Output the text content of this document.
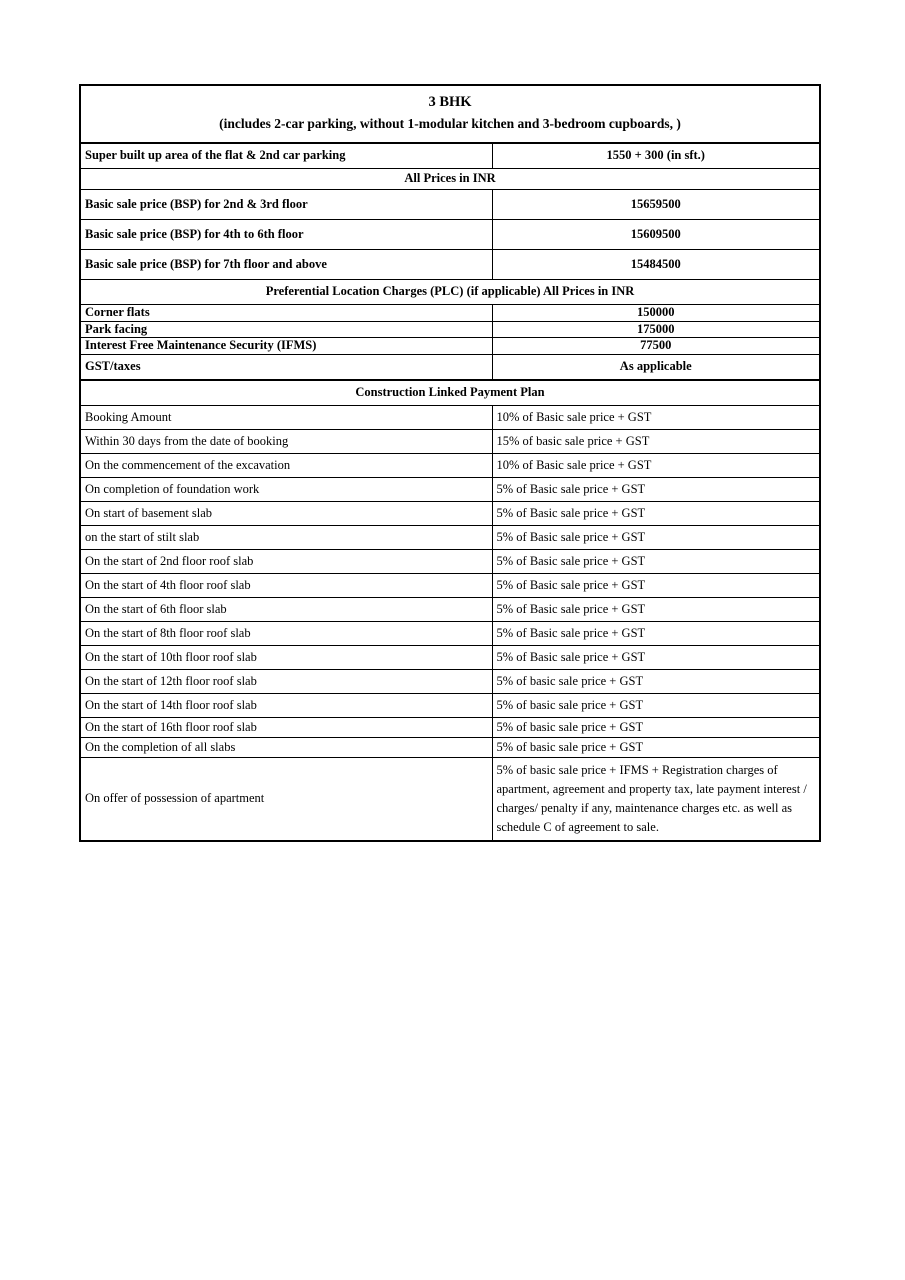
3 BHK
(includes 2-car parking, without 1-modular kitchen and 3-bedroom cupboards, )	

Super built up area of the flat & 2nd car parking	1550 + 300 (in sft.)
All Prices in INR	
Basic sale price (BSP) for 2nd & 3rd floor	15659500
Basic sale price (BSP) for 4th to 6th floor	15609500
Basic sale price (BSP) for 7th floor and above	15484500
Preferential Location Charges (PLC) (if applicable) All Prices in INR	
Corner flats	150000
Park facing	175000
Interest Free Maintenance Security (IFMS)	77500
GST/taxes	As applicable
Construction Linked Payment Plan	
Booking Amount	10% of Basic sale price + GST
Within 30 days from the date of booking	15% of basic sale price + GST
On the commencement of the excavation	10% of Basic sale price + GST
On completion of foundation work	5% of Basic sale price + GST
On start of basement slab	5% of Basic sale price + GST
on the start of stilt slab	5% of Basic sale price + GST
On the start of 2nd floor roof slab	5% of Basic sale price + GST
On the start of 4th floor roof slab	5% of Basic sale price + GST
On the start of 6th floor slab	5% of Basic sale price + GST
On the start of 8th floor roof slab	5% of Basic sale price + GST
On the start of 10th floor roof slab	5% of Basic sale price + GST
On the start of 12th floor roof slab	5% of basic sale price + GST
On the start of 14th floor roof slab	5% of basic sale price + GST
On the start of 16th floor roof slab	5% of basic sale price + GST
On the completion of all slabs	5% of basic sale price + GST
On offer of possession of apartment	5% of basic sale price + IFMS + Registration charges of apartment, agreement and property tax, late payment interest / charges/ penalty if any, maintenance charges etc. as well as schedule C of agreement to sale.
